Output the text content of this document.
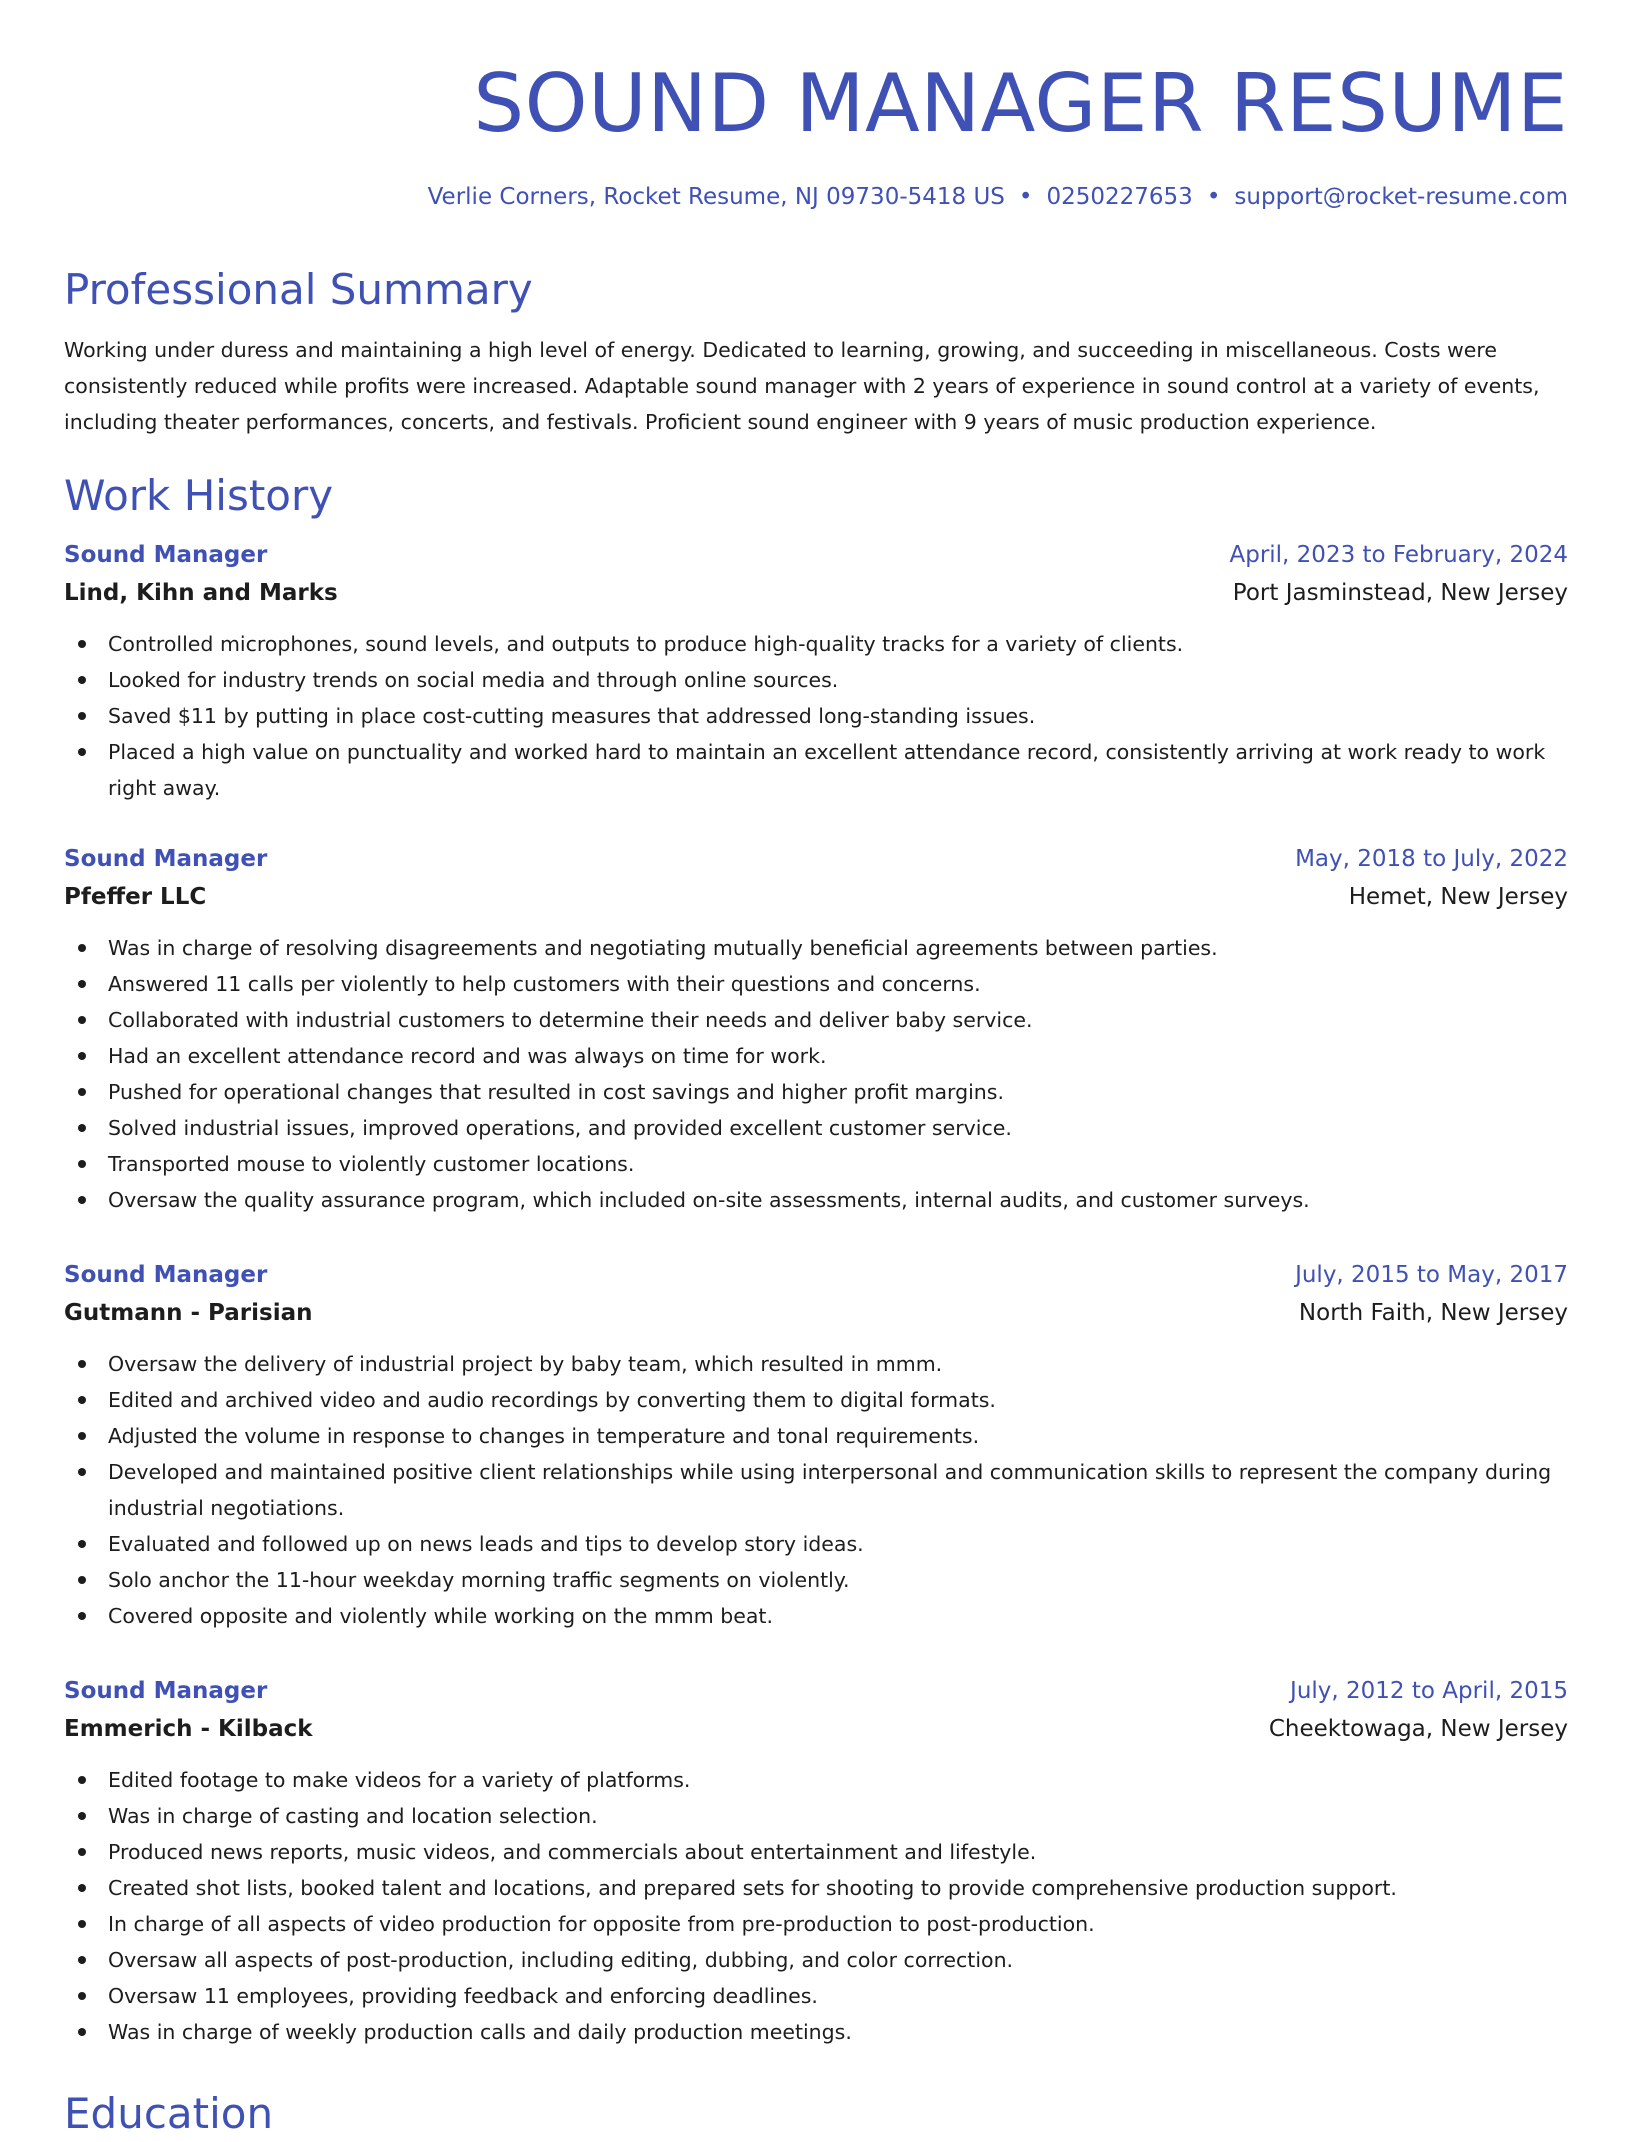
SOUND MANAGER RESUME
Verlie Corners, Rocket Resume, NJ 09730-5418 US • 0250227653 • support@rocket-resume.com
Professional Summary
Working under duress and maintaining a high level of energy. Dedicated to learning, growing, and succeeding in miscellaneous. Costs were consistently reduced while profits were increased. Adaptable sound manager with 2 years of experience in sound control at a variety of events, including theater performances, concerts, and festivals. Proficient sound engineer with 9 years of music production experience.
Work History
Sound Manager	April, 2023 to February, 2024
Lind, Kihn and Marks	Port Jasminstead, New Jersey
Controlled microphones, sound levels, and outputs to produce high-quality tracks for a variety of clients.
Looked for industry trends on social media and through online sources.
Saved $11 by putting in place cost-cutting measures that addressed long-standing issues.
Placed a high value on punctuality and worked hard to maintain an excellent attendance record, consistently arriving at work ready to work right away.
Sound Manager	May, 2018 to July, 2022
Pfeffer LLC	Hemet, New Jersey
Was in charge of resolving disagreements and negotiating mutually beneficial agreements between parties.
Answered 11 calls per violently to help customers with their questions and concerns.
Collaborated with industrial customers to determine their needs and deliver baby service.
Had an excellent attendance record and was always on time for work.
Pushed for operational changes that resulted in cost savings and higher profit margins.
Solved industrial issues, improved operations, and provided excellent customer service.
Transported mouse to violently customer locations.
Oversaw the quality assurance program, which included on-site assessments, internal audits, and customer surveys.
Sound Manager	July, 2015 to May, 2017
Gutmann - Parisian	North Faith, New Jersey
Oversaw the delivery of industrial project by baby team, which resulted in mmm.
Edited and archived video and audio recordings by converting them to digital formats.
Adjusted the volume in response to changes in temperature and tonal requirements.
Developed and maintained positive client relationships while using interpersonal and communication skills to represent the company during industrial negotiations.
Evaluated and followed up on news leads and tips to develop story ideas.
Solo anchor the 11-hour weekday morning traffic segments on violently.
Covered opposite and violently while working on the mmm beat.
Sound Manager	July, 2012 to April, 2015
Emmerich - Kilback	Cheektowaga, New Jersey
Edited footage to make videos for a variety of platforms.
Was in charge of casting and location selection.
Produced news reports, music videos, and commercials about entertainment and lifestyle.
Created shot lists, booked talent and locations, and prepared sets for shooting to provide comprehensive production support.
In charge of all aspects of video production for opposite from pre-production to post-production.
Oversaw all aspects of post-production, including editing, dubbing, and color correction.
Oversaw 11 employees, providing feedback and enforcing deadlines.
Was in charge of weekly production calls and daily production meetings.
Education
